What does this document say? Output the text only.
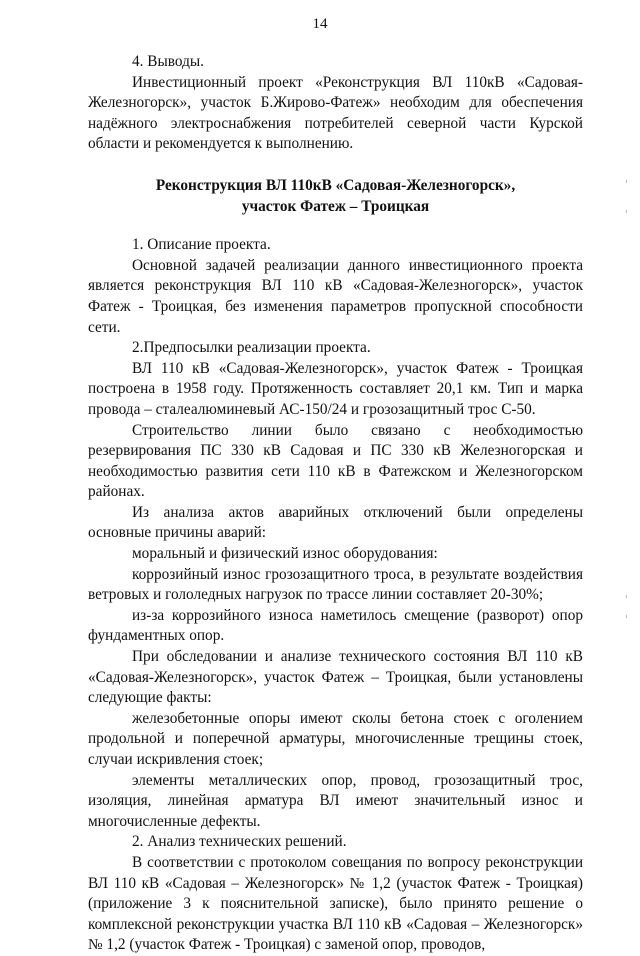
14

4. Выводы.

Инвестиционный проект «Реконструкция ВЛ 110кВ «Садовая-Железногорск», участок Б.Жирово-Фатеж» необходим для обеспечения надёжного электроснабжения потребителей северной части Курской области и рекомендуется к выполнению.

Реконструкция ВЛ 110кВ «Садовая-Железногорск»,
участок Фатеж – Троицкая

1. Описание проекта.

Основной задачей реализации данного инвестиционного проекта является реконструкция ВЛ 110 кВ «Садовая-Железногорск», участок Фатеж - Троицкая, без изменения параметров пропускной способности сети.

2.Предпосылки реализации проекта.

ВЛ 110 кВ «Садовая-Железногорск», участок Фатеж - Троицкая построена в 1958 году. Протяженность составляет 20,1 км. Тип и марка провода – сталеалюминевый АС-150/24 и грозозащитный трос С-50.

Строительство линии было связано с необходимостью резервирования ПС 330 кВ Садовая и ПС 330 кВ Железногорская и необходимостью развития сети 110 кВ в Фатежском и Железногорском районах.

Из анализа актов аварийных отключений были определены основные причины аварий:

моральный и физический износ оборудования:

коррозийный износ грозозащитного троса, в результате воздействия ветровых и гололедных нагрузок по трассе линии составляет 20-30%;

из-за коррозийного износа наметилось смещение (разворот) опор фундаментных опор.

При обследовании и анализе технического состояния ВЛ 110 кВ «Садовая-Железногорск», участок Фатеж – Троицкая, были установлены следующие факты:

железобетонные опоры имеют сколы бетона стоек с оголением продольной и поперечной арматуры, многочисленные трещины стоек, случаи искривления стоек;

элементы металлических опор, провод, грозозащитный трос, изоляция, линейная арматура ВЛ имеют значительный износ и многочисленные дефекты.

2. Анализ технических решений.

В соответствии с протоколом совещания по вопросу реконструкции ВЛ 110 кВ «Садовая – Железногорск» № 1,2 (участок Фатеж - Троицкая) (приложение 3 к пояснительной записке), было принято решение о комплексной реконструкции участка ВЛ 110 кВ «Садовая – Железногорск» № 1,2 (участок Фатеж - Троицкая) с заменой опор, проводов,
